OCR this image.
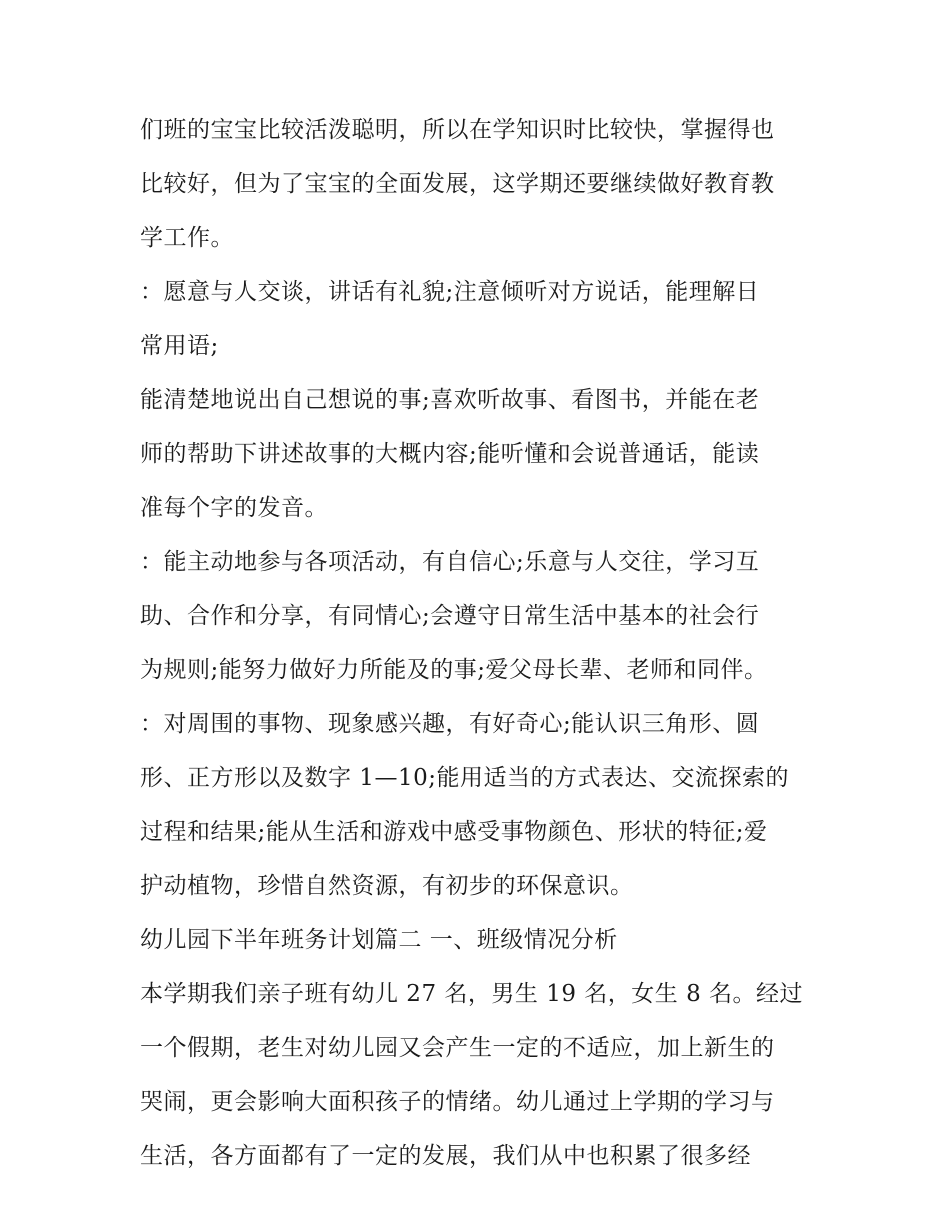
们班的宝宝比较活泼聪明，所以在学知识时比较快，掌握得也
比较好，但为了宝宝的全面发展，这学期还要继续做好教育教
学工作。

：愿意与人交谈，讲话有礼貌;注意倾听对方说话，能理解日
常用语;

能清楚地说出自己想说的事;喜欢听故事、看图书，并能在老
师的帮助下讲述故事的大概内容;能听懂和会说普通话，能读
准每个字的发音。

：能主动地参与各项活动，有自信心;乐意与人交往，学习互
助、合作和分享，有同情心;会遵守日常生活中基本的社会行
为规则;能努力做好力所能及的事;爱父母长辈、老师和同伴。

：对周围的事物、现象感兴趣，有好奇心;能认识三角形、圆
形、正方形以及数字 1—10;能用适当的方式表达、交流探索的
过程和结果;能从生活和游戏中感受事物颜色、形状的特征;爱
护动植物，珍惜自然资源，有初步的环保意识。

幼儿园下半年班务计划篇二 一、班级情况分析

本学期我们亲子班有幼儿 27 名，男生 19 名，女生 8 名。经过
一个假期，老生对幼儿园又会产生一定的不适应，加上新生的
哭闹，更会影响大面积孩子的情绪。幼儿通过上学期的学习与
生活，各方面都有了一定的发展，我们从中也积累了很多经
